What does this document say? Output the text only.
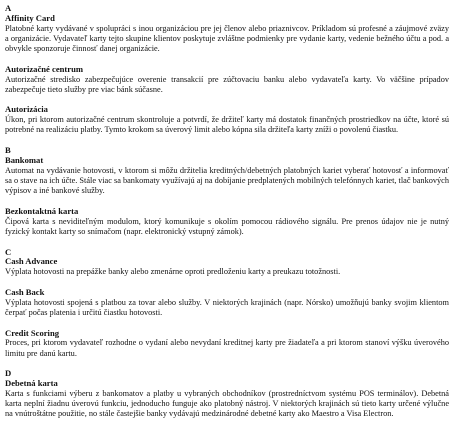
A

Affinity Card

Platobné karty vydávané v spolupráci s inou organizáciou pre jej členov alebo priaznivcov. Príkladom sú profesné a záujmové zväzy a organizácie. Vydavateľ karty tejto skupine klientov poskytuje zvláštne podmienky pre vydanie karty, vedenie bežného účtu a pod. a obvykle sponzoruje činnosť danej organizácie.

Autorizačné centrum

Autorizačné stredisko zabezpečujúce overenie transakcií pre zúčtovaciu banku alebo vydavateľa karty. Vo väčšine prípadov zabezpečuje tieto služby pre viac bánk súčasne.

Autorizácia

Úkon, pri ktorom autorizačné centrum skontroluje a potvrdí, že držiteľ karty má dostatok finančných prostriedkov na účte, ktoré sú potrebné na realizáciu platby. Tymto krokom sa úverový limit alebo kópna sila držiteľa karty zníži o povolenú čiastku.

B

Bankomat

Automat na vydávanie hotovosti, v ktorom si môžu držitelia kreditných/debetných platobných kariet vyberať hotovosť a informovať sa o stave na ich účte. Stále viac sa bankomaty využívajú aj na dobíjanie predplatených mobilných telefónnych kariet, tlač bankových výpisov a iné bankové služby.

Bezkontaktná karta

Čipová karta s neviditeľným modulom, ktorý komunikuje s okolím pomocou rádiového signálu. Pre prenos údajov nie je nutný fyzický kontakt karty so snímačom (napr. elektronický vstupný zámok).

C

Cash Advance

Výplata hotovosti na prepážke banky alebo zmenárne oproti predloženiu karty a preukazu totožnosti.

Cash Back

Výplata hotovosti spojená s platbou za tovar alebo služby. V niektorých krajinách (napr. Nórsko) umožňujú banky svojim klientom čerpať počas platenia i určitú čiastku hotovosti.

Credit Scoring

Proces, pri ktorom vydavateľ rozhodne o vydaní alebo nevydaní kreditnej karty pre žiadateľa a pri ktorom stanoví výšku úverového limitu pre danú kartu.

D

Debetná karta

Karta s funkciami výberu z bankomatov a platby u vybraných obchodníkov (prostredníctvom systému POS terminálov). Debetná karta neplní žiadnu úverovú funkciu, jednoducho funguje ako platobný nástroj. V niektorých krajinách sú tieto karty určené výlučne na vnútroštátne použitie, no stále častejšie banky vydávajú medzinárodné debetné karty ako Maestro a Visa Electron.
